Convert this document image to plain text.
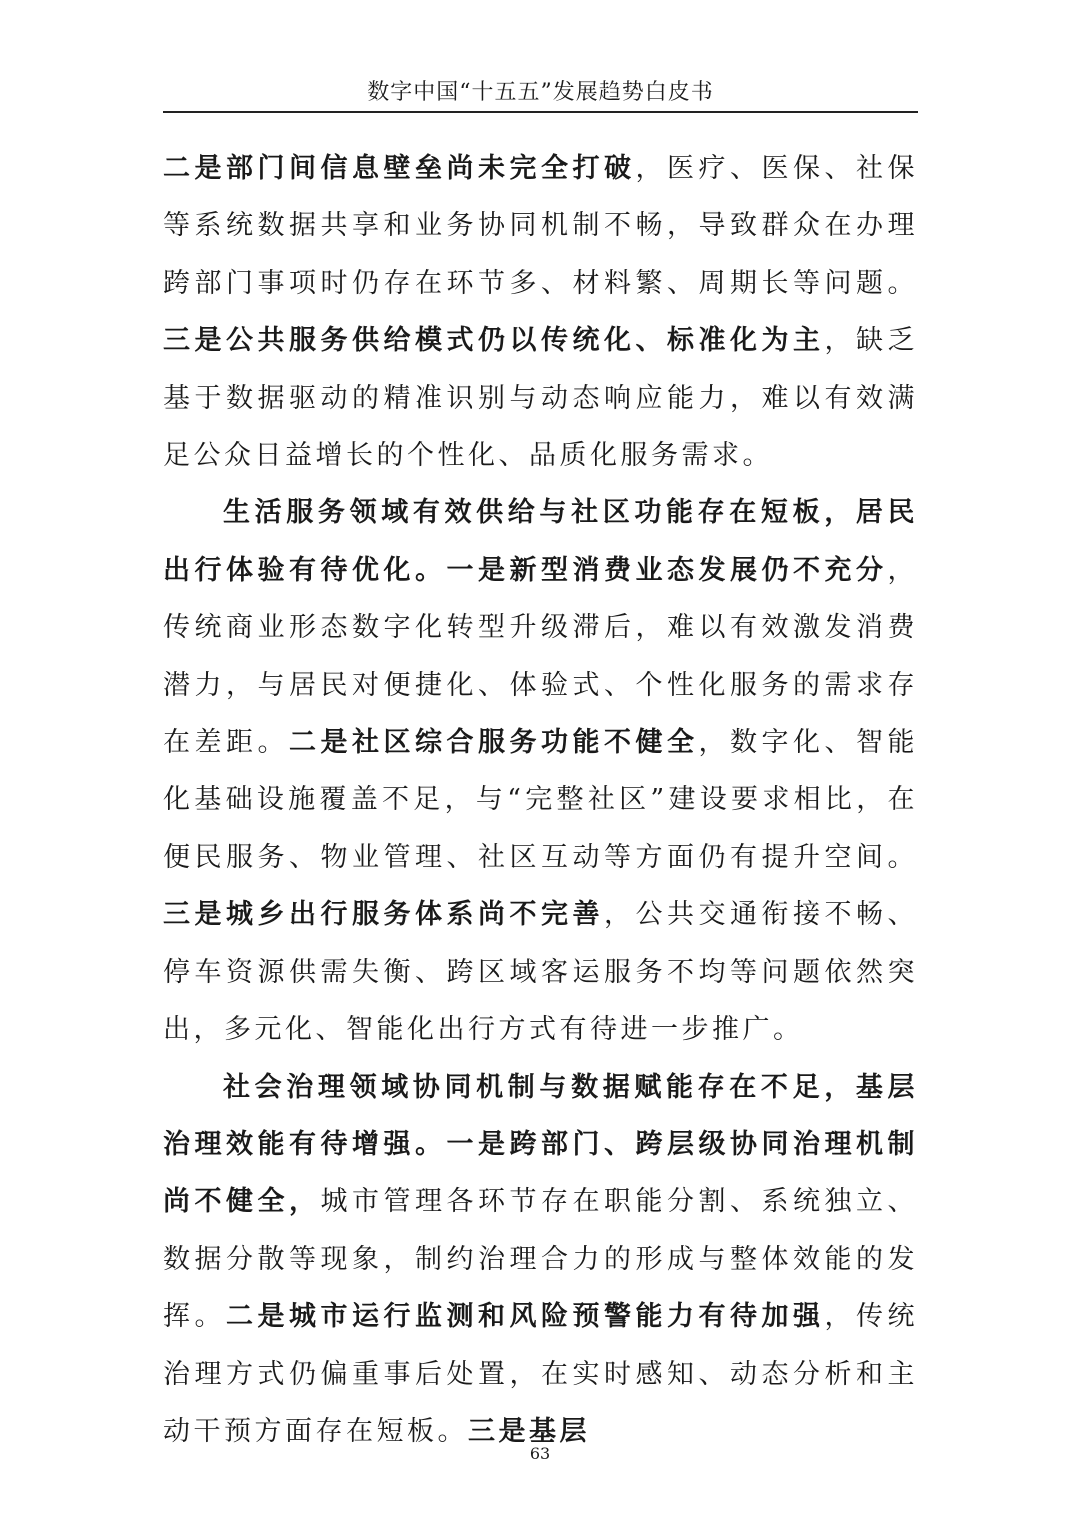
数字中国“十五五”发展趋势白皮书

二是部门间信息壁垒尚未完全打破，医疗、医保、社保等系统数据共享和业务协同机制不畅，导致群众在办理跨部门事项时仍存在环节多、材料繁、周期长等问题。三是公共服务供给模式仍以传统化、标准化为主，缺乏基于数据驱动的精准识别与动态响应能力，难以有效满足公众日益增长的个性化、品质化服务需求。

生活服务领域有效供给与社区功能存在短板，居民出行体验有待优化。一是新型消费业态发展仍不充分，传统商业形态数字化转型升级滞后，难以有效激发消费潜力，与居民对便捷化、体验式、个性化服务的需求存在差距。二是社区综合服务功能不健全，数字化、智能化基础设施覆盖不足，与“完整社区”建设要求相比，在便民服务、物业管理、社区互动等方面仍有提升空间。三是城乡出行服务体系尚不完善，公共交通衔接不畅、停车资源供需失衡、跨区域客运服务不均等问题依然突出，多元化、智能化出行方式有待进一步推广。

社会治理领域协同机制与数据赋能存在不足，基层治理效能有待增强。一是跨部门、跨层级协同治理机制尚不健全，城市管理各环节存在职能分割、系统独立、数据分散等现象，制约治理合力的形成与整体效能的发挥。二是城市运行监测和风险预警能力有待加强，传统治理方式仍偏重事后处置，在实时感知、动态分析和主动干预方面存在短板。三是基层

63
